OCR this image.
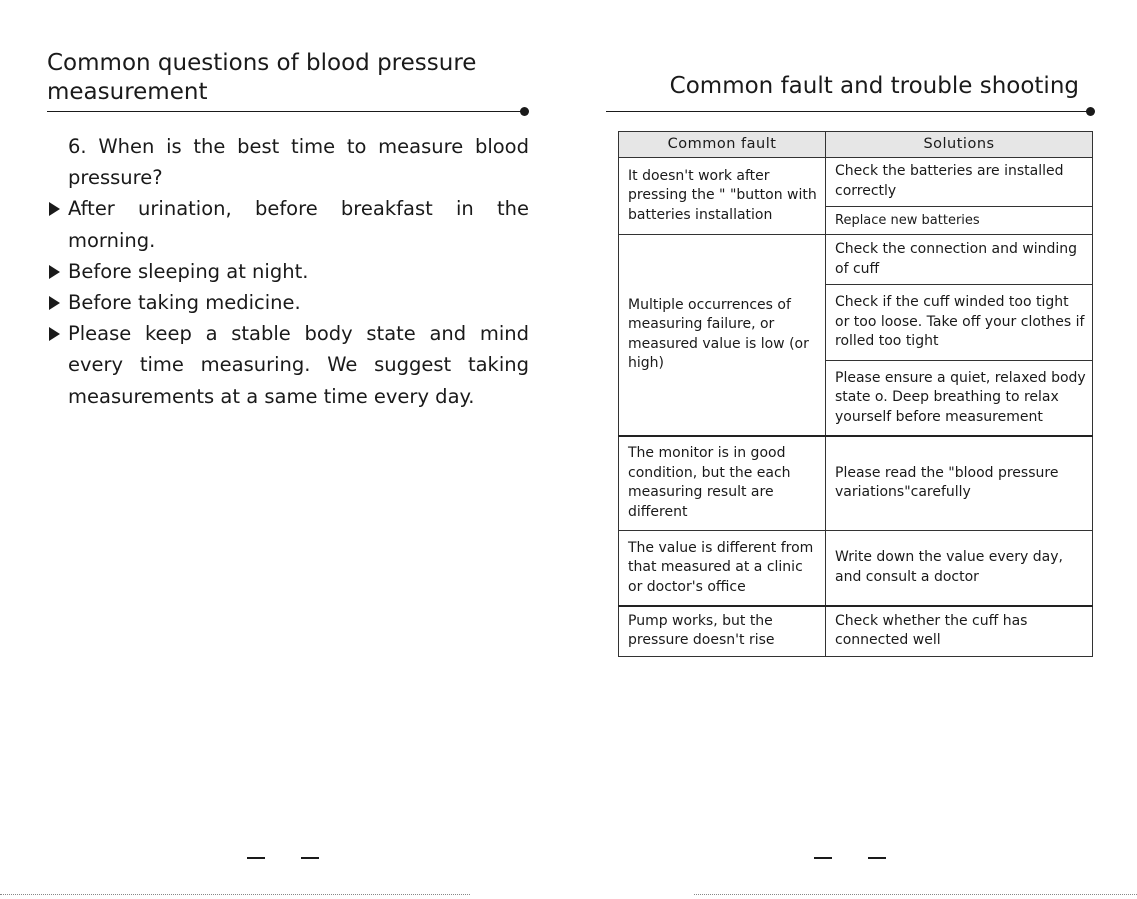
Common questions of blood pressure measurement
6. When is the best time to measure blood pressure?
After urination, before breakfast in the morning.
Before sleeping at night.
Before taking medicine.
Please keep a stable body state and mind every time measuring. We suggest taking measurements at a same time every day.
Common fault and trouble shooting
Common fault	Solutions
It doesn't work after pressing the " "button with batteries installation	Check the batteries are installed correctly
	Replace new batteries
Multiple occurrences of measuring failure, or measured value is low (or high)	Check the connection and winding of cuff
	Check if the cuff winded too tight or too loose. Take off your clothes if rolled too tight
	Please ensure a quiet, relaxed body state o. Deep breathing to relax yourself before measurement
The monitor is in good condition, but the each measuring result are different	Please read the "blood pressure variations"carefully
The value is different from that measured at a clinic or doctor's office	Write down the value every day, and consult a doctor
Pump works, but the pressure doesn't rise	Check whether the cuff has connected well
